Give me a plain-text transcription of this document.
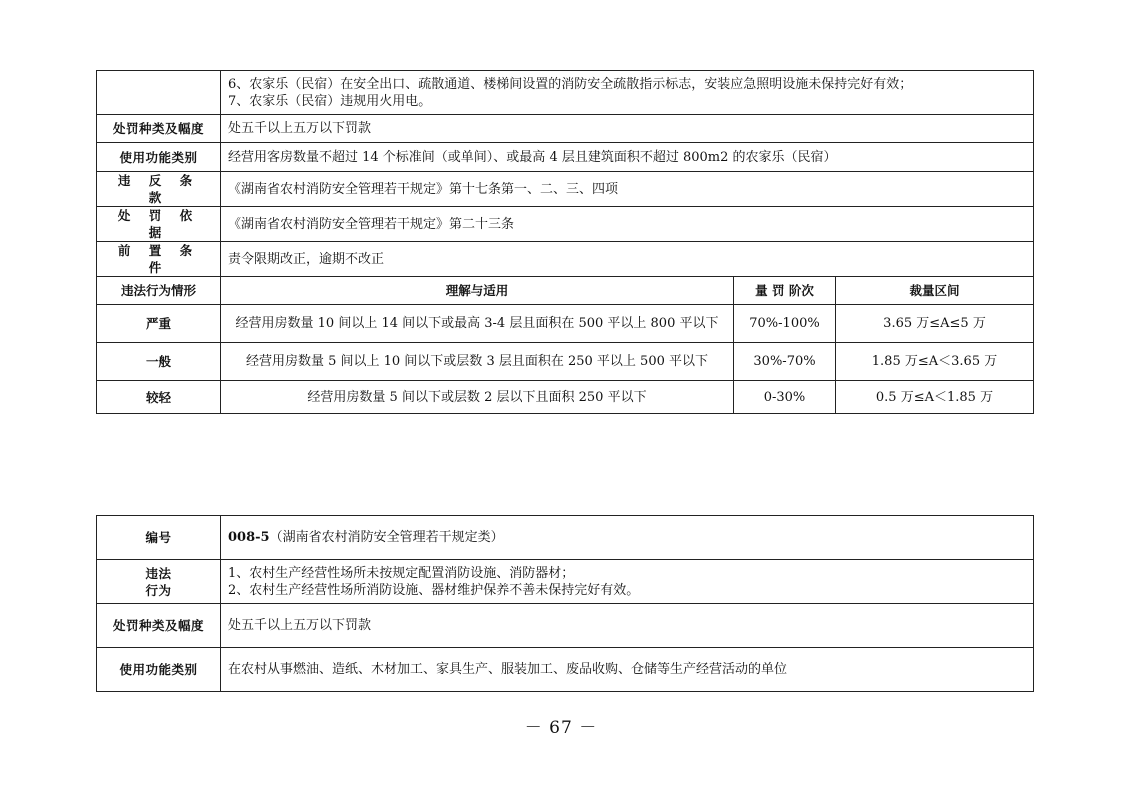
	6、农家乐（民宿）在安全出口、疏散通道、楼梯间设置的消防安全疏散指示标志，安装应急照明设施未保持完好有效；
7、农家乐（民宿）违规用火用电。		

处罚种类及幅度	处五千以上五万以下罚款		
使用功能类别	经营用客房数量不超过 14 个标准间（或单间）、或最高 4 层且建筑面积不超过 800m2 的农家乐（民宿）		
违 反 条 款	《湖南省农村消防安全管理若干规定》第十七条第一、二、三、四项		
处 罚 依 据	《湖南省农村消防安全管理若干规定》第二十三条		
前 置 条 件	责令限期改正，逾期不改正		
违法行为情形	理解与适用	量 罚 阶次	裁量区间
严重	经营用房数量 10 间以上 14 间以下或最高 3-4 层且面积在 500 平以上 800 平以下	70%-100%	3.65 万≤A≤5 万
一般	经营用房数量 5 间以上 10 间以下或层数 3 层且面积在 250 平以上 500 平以下	30%-70%	1.85 万≤A＜3.65 万
较轻	经营用房数量 5 间以下或层数 2 层以下且面积 250 平以下	0-30%	0.5 万≤A＜1.85 万
编号	008-5（湖南省农村消防安全管理若干规定类）

违法
行为	1、农村生产经营性场所未按规定配置消防设施、消防器材；
2、农村生产经营性场所消防设施、器材维护保养不善未保持完好有效。

处罚种类及幅度	处五千以上五万以下罚款
使用功能类别	在农村从事燃油、造纸、木材加工、家具生产、服装加工、废品收购、仓储等生产经营活动的单位
－ 67 －
